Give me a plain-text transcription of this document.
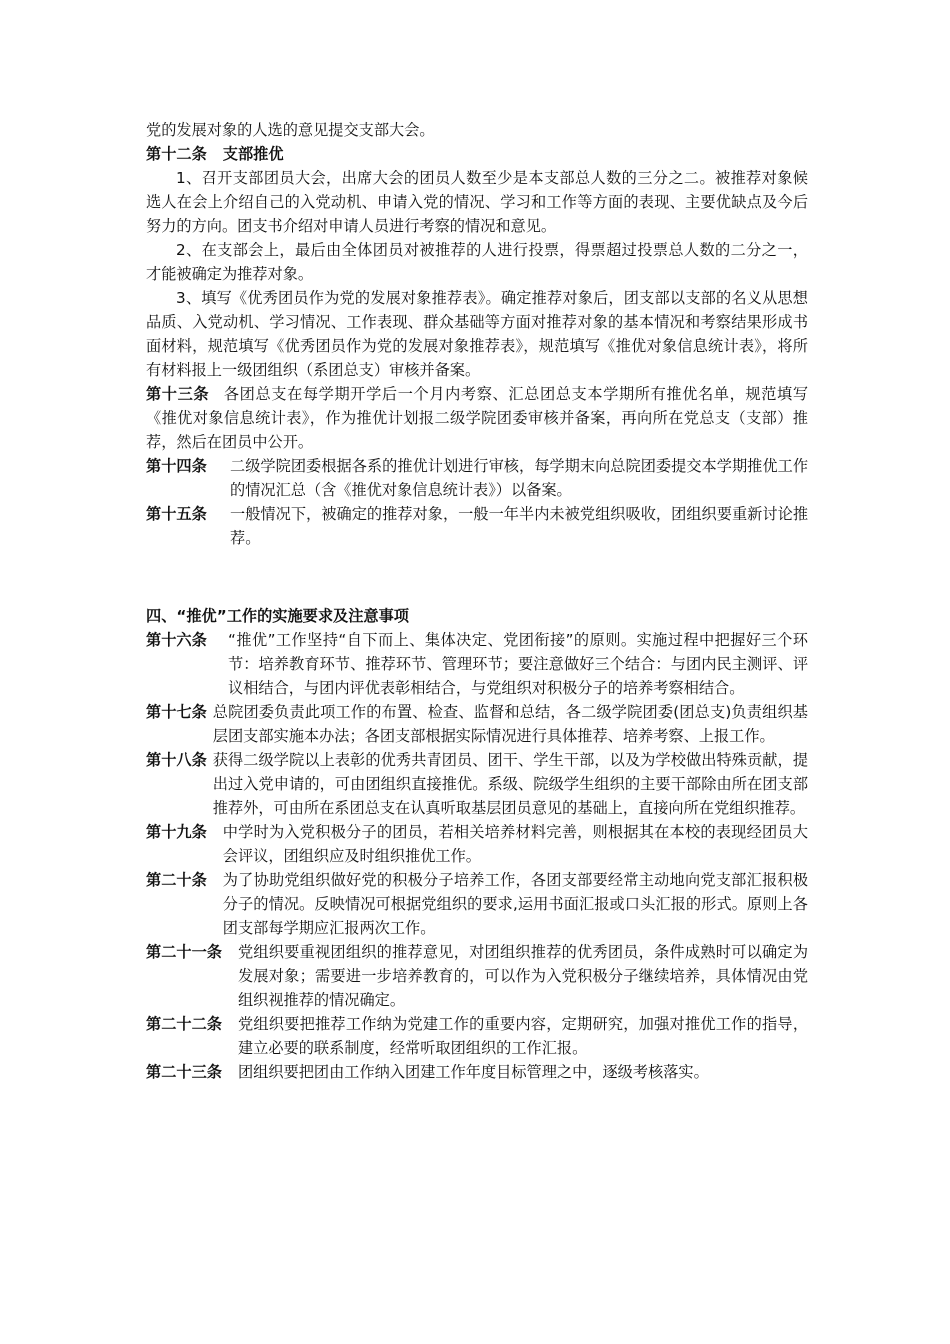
党的发展对象的人选的意见提交支部大会。

第十二条 支部推优

1、召开支部团员大会，出席大会的团员人数至少是本支部总人数的三分之二。被推荐对象候选人在会上介绍自己的入党动机、申请入党的情况、学习和工作等方面的表现、主要优缺点及今后努力的方向。团支书介绍对申请人员进行考察的情况和意见。

2、在支部会上，最后由全体团员对被推荐的人进行投票，得票超过投票总人数的二分之一，才能被确定为推荐对象。

3、填写《优秀团员作为党的发展对象推荐表》。确定推荐对象后，团支部以支部的名义从思想品质、入党动机、学习情况、工作表现、群众基础等方面对推荐对象的基本情况和考察结果形成书面材料，规范填写《优秀团员作为党的发展对象推荐表》，规范填写《推优对象信息统计表》，将所有材料报上一级团组织（系团总支）审核并备案。

第十三条 各团总支在每学期开学后一个月内考察、汇总团总支本学期所有推优名单，规范填写《推优对象信息统计表》，作为推优计划报二级学院团委审核并备案，再向所在党总支（支部）推荐，然后在团员中公开。

第十四条	二级学院团委根据各系的推优计划进行审核，每学期末向总院团委提交本学期推优工作的情况汇总（含《推优对象信息统计表》）以备案。
第十五条	一般情况下，被确定的推荐对象，一般一年半内未被党组织吸收，团组织要重新讨论推荐。

四、“推优”工作的实施要求及注意事项

第十六条	“推优”工作坚持“自下而上、集体决定、党团衔接”的原则。实施过程中把握好三个环节：培养教育环节、推荐环节、管理环节；要注意做好三个结合：与团内民主测评、评议相结合，与团内评优表彰相结合，与党组织对积极分子的培养考察相结合。
第十七条 总院团委负责此项工作的布置、检查、监督和总结，各二级学院团委(团总支)负责组织基层团支部实施本办法；各团支部根据实际情况进行具体推荐、培养考察、上报工作。
第十八条 获得二级学院以上表彰的优秀共青团员、团干、学生干部，以及为学校做出特殊贡献，提出过入党申请的，可由团组织直接推优。系级、院级学生组织的主要干部除由所在团支部推荐外，可由所在系团总支在认真听取基层团员意见的基础上，直接向所在党组织推荐。
第十九条 中学时为入党积极分子的团员，若相关培养材料完善，则根据其在本校的表现经团员大会评议，团组织应及时组织推优工作。
第二十条 为了协助党组织做好党的积极分子培养工作，各团支部要经常主动地向党支部汇报积极分子的情况。反映情况可根据党组织的要求,运用书面汇报或口头汇报的形式。原则上各团支部每学期应汇报两次工作。
第二十一条 党组织要重视团组织的推荐意见，对团组织推荐的优秀团员，条件成熟时可以确定为发展对象；需要进一步培养教育的，可以作为入党积极分子继续培养，具体情况由党组织视推荐的情况确定。
第二十二条 党组织要把推荐工作纳为党建工作的重要内容，定期研究，加强对推优工作的指导，建立必要的联系制度，经常听取团组织的工作汇报。
第二十三条 团组织要把团由工作纳入团建工作年度目标管理之中，逐级考核落实。
